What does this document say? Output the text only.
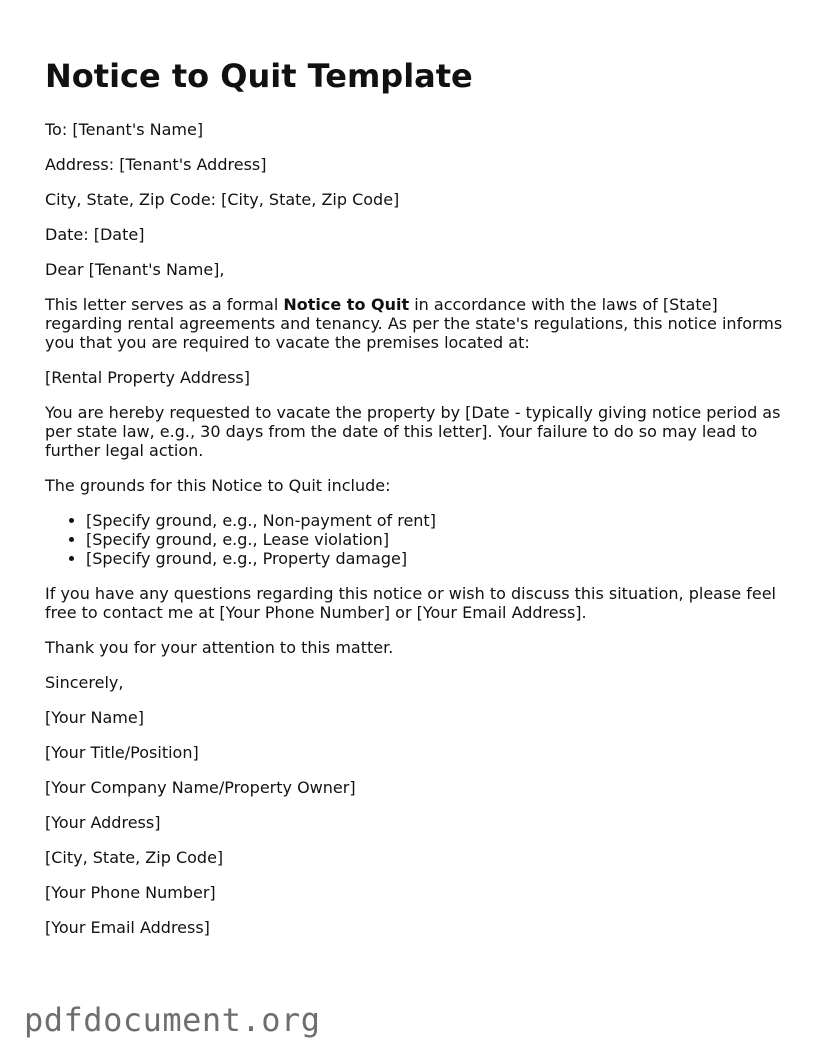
Notice to Quit Template

To: [Tenant's Name]

Address: [Tenant's Address]

City, State, Zip Code: [City, State, Zip Code]

Date: [Date]

Dear [Tenant's Name],

This letter serves as a formal Notice to Quit in accordance with the laws of [State] regarding rental agreements and tenancy. As per the state's regulations, this notice informs you that you are required to vacate the premises located at:

[Rental Property Address]

You are hereby requested to vacate the property by [Date - typically giving notice period as per state law, e.g., 30 days from the date of this letter]. Your failure to do so may lead to further legal action.

The grounds for this Notice to Quit include:

• [Specify ground, e.g., Non-payment of rent]
• [Specify ground, e.g., Lease violation]
• [Specify ground, e.g., Property damage]

If you have any questions regarding this notice or wish to discuss this situation, please feel free to contact me at [Your Phone Number] or [Your Email Address].

Thank you for your attention to this matter.

Sincerely,

[Your Name]

[Your Title/Position]

[Your Company Name/Property Owner]

[Your Address]

[City, State, Zip Code]

[Your Phone Number]

[Your Email Address]

pdfdocument.org
